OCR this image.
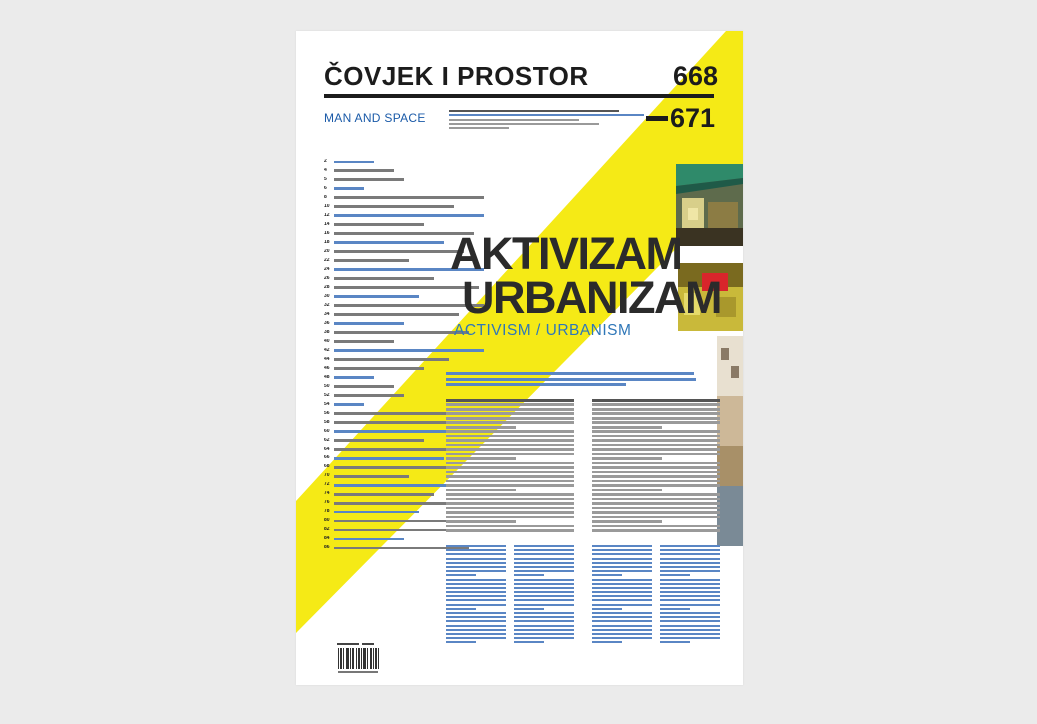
ČOVJEK I PROSTOR	668
671
MAN AND SPACE
2
4
5
6
8
10
12
14
16
18
20
22
24
26
28
30
32
34
36
38
40
42
44
46
48
50
52
54
56
58
60
62
64
66
68
70
72
74
76
78
80
82
84
86
AKTIVIZAM
URBANIZAM
ACTIVISM / URBANISM
